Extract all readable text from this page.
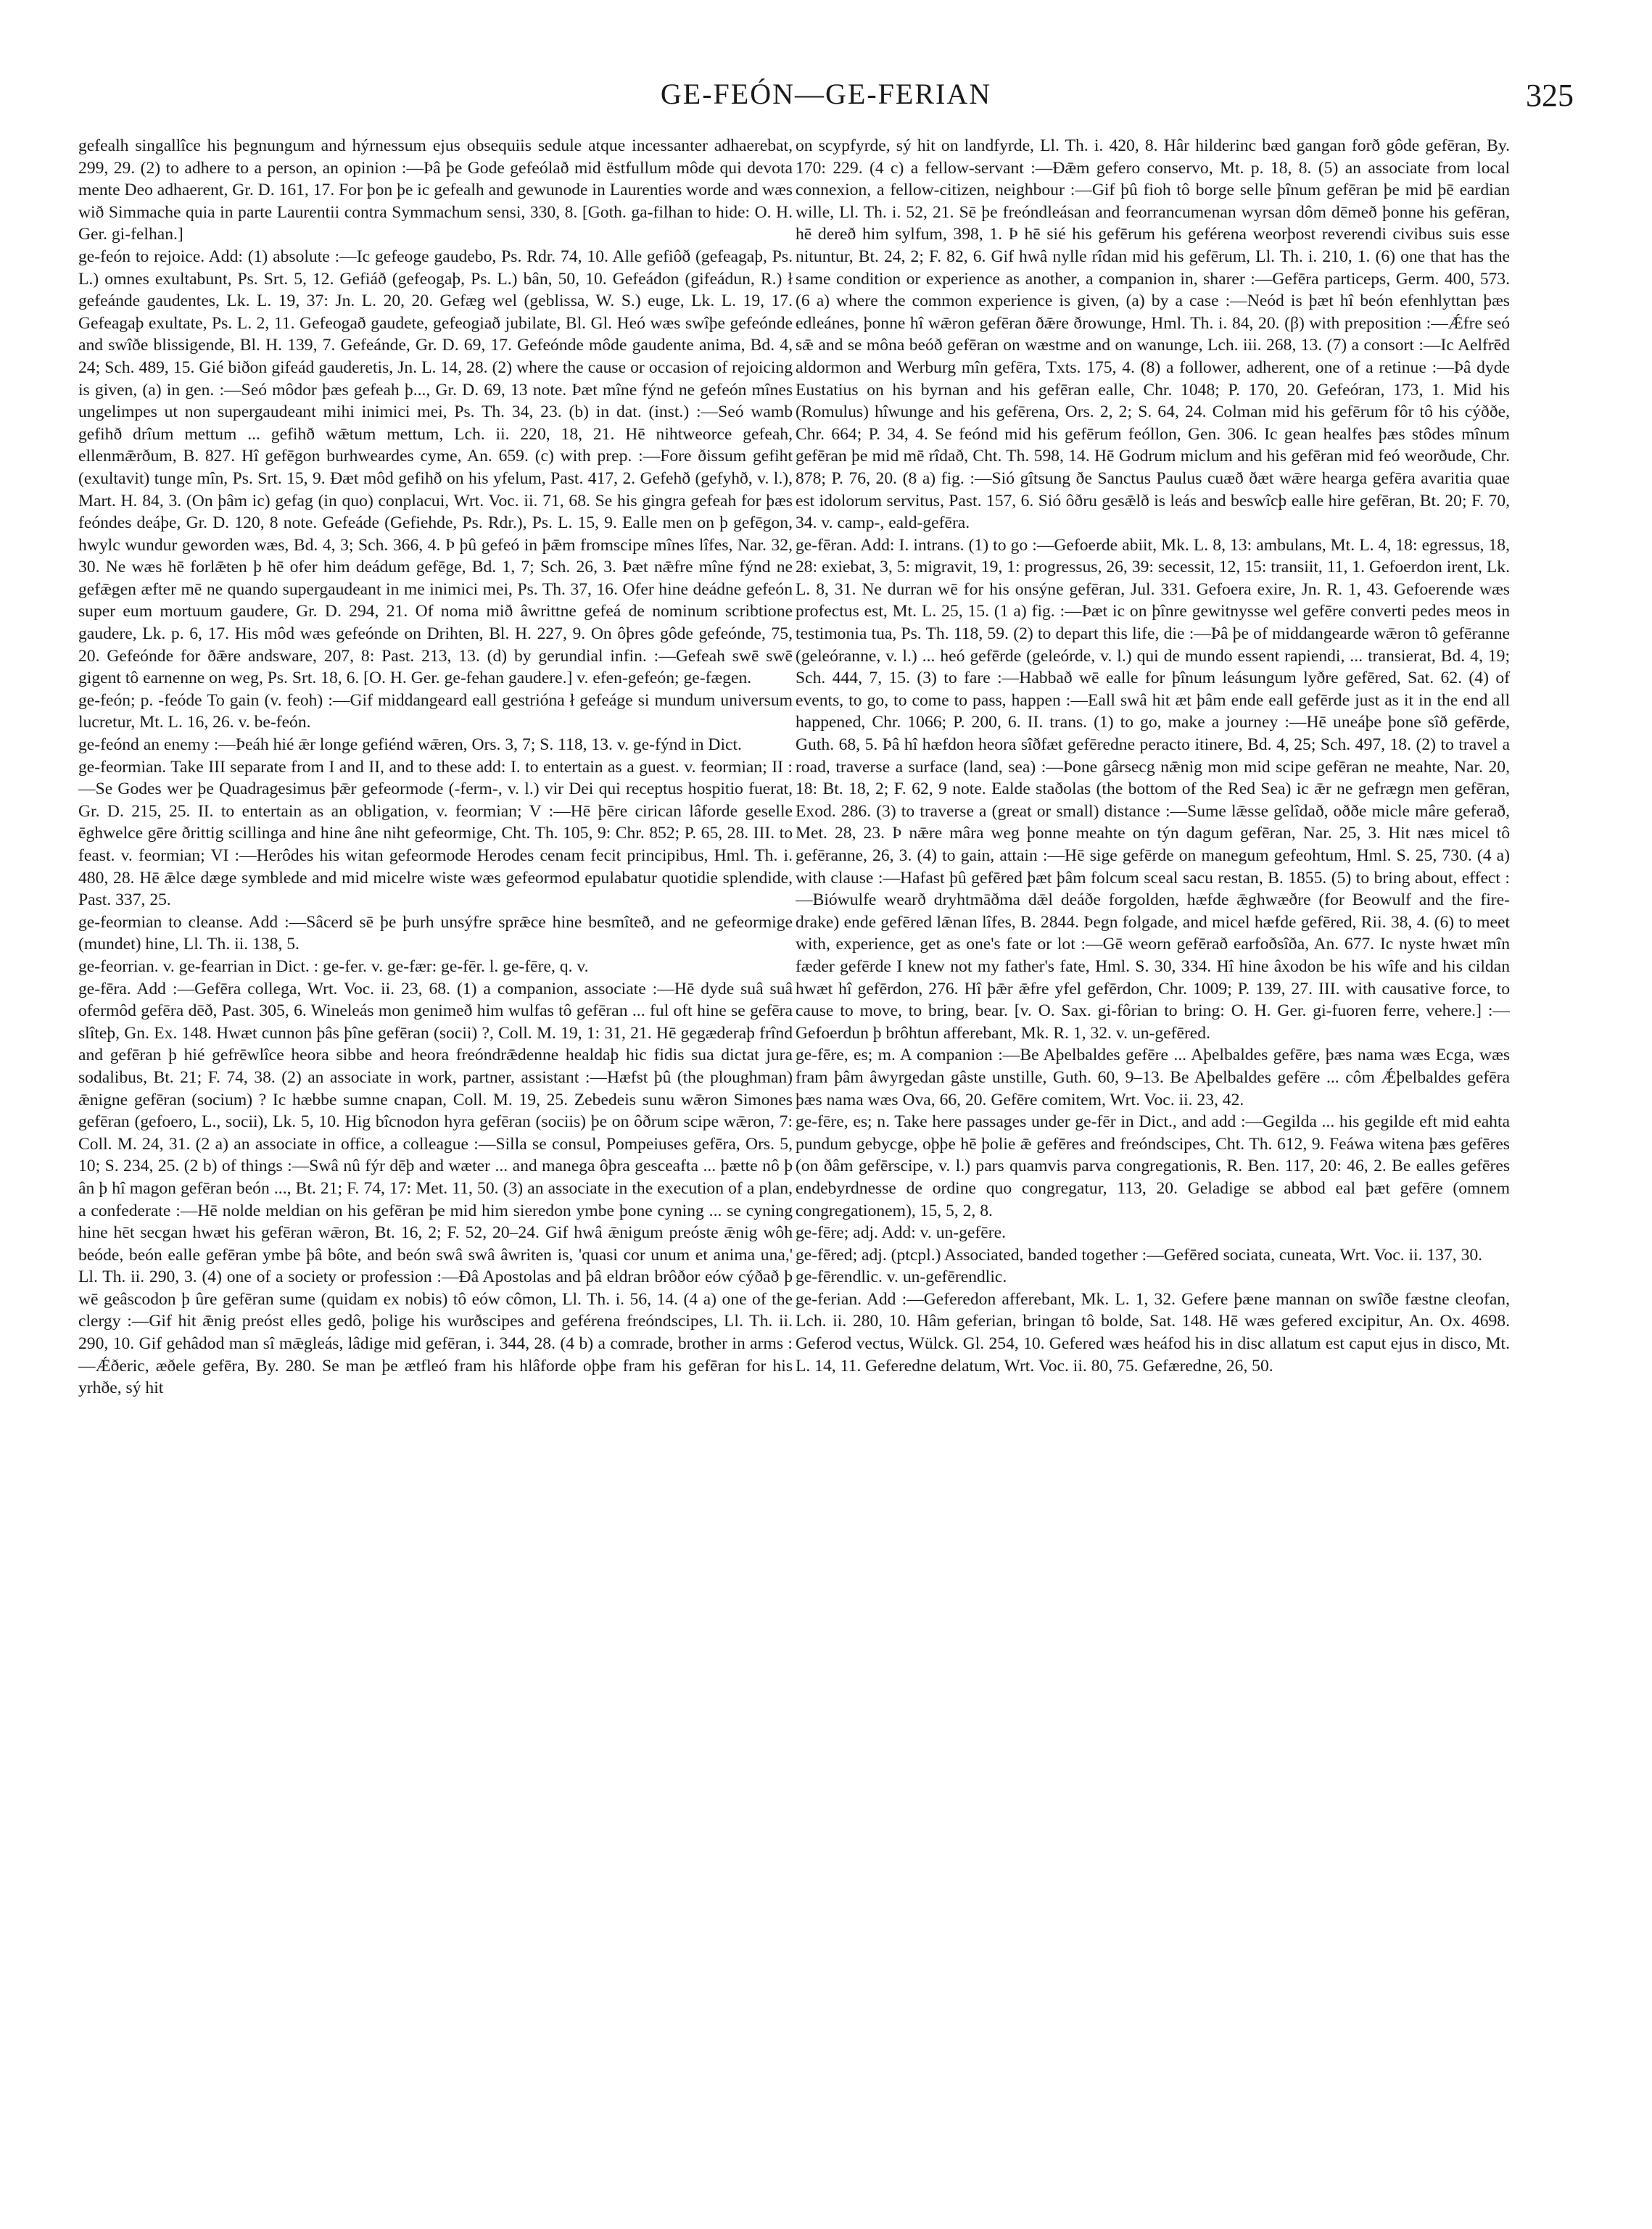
GE-FEÓN—GE-FERIAN	325

gefealh singallîce his þegnungum and hýrnessum ejus obsequiis sedule atque incessanter adhaerebat, 299, 29. (2) to adhere to a person, an opinion :—Þâ þe Gode gefeólað mid ëstfullum môde qui devota mente Deo adhaerent, Gr. D. 161, 17. For þon þe ic gefealh and gewunode in Laurenties worde and wæs wið Simmache quia in parte Laurentii contra Symmachum sensi, 330, 8. [Goth. ga-filhan to hide: O. H. Ger. gi-felhan.]

ge-feón to rejoice. Add: (1) absolute :—Ic gefeoge gaudebo, Ps. Rdr. 74, 10. Alle gefiôð (gefeagaþ, Ps. L.) omnes exultabunt, Ps. Srt. 5, 12. Gefiáð (gefeogaþ, Ps. L.) bân, 50, 10. Gefeádon (gifeádun, R.) ł gefeánde gaudentes, Lk. L. 19, 37: Jn. L. 20, 20. Gefæg wel (geblissa, W. S.) euge, Lk. L. 19, 17. Gefeagaþ exultate, Ps. L. 2, 11. Gefeogað gaudete, gefeogiað jubilate, Bl. Gl. Heó wæs swîþe gefeónde and swîðe blissigende, Bl. H. 139, 7. Gefeánde, Gr. D. 69, 17. Gefeónde môde gaudente anima, Bd. 4, 24; Sch. 489, 15. Gié biðon gifeád gauderetis, Jn. L. 14, 28. (2) where the cause or occasion of rejoicing is given, (a) in gen. :—Seó môdor þæs gefeah þ..., Gr. D. 69, 13 note. Þæt mîne fýnd ne gefeón mînes ungelimpes ut non supergaudeant mihi inimici mei, Ps. Th. 34, 23. (b) in dat. (inst.) :—Seó wamb gefihð drîum mettum ... gefihð wǣtum mettum, Lch. ii. 220, 18, 21. Hē nihtweorce gefeah, ellenmǣrðum, B. 827. Hî gefēgon burhweardes cyme, An. 659. (c) with prep. :—Fore ðissum gefiht (exultavit) tunge mîn, Ps. Srt. 15, 9. Ðæt môd gefihð on his yfelum, Past. 417, 2. Gefehð (gefyhð, v. l.), Mart. H. 84, 3. (On þâm ic) gefag (in quo) conplacui, Wrt. Voc. ii. 71, 68. Se his gingra gefeah for þæs feóndes deáþe, Gr. D. 120, 8 note. Gefeáde (Gefiehde, Ps. Rdr.), Ps. L. 15, 9. Ealle men on þ gefēgon, hwylc wundur geworden wæs, Bd. 4, 3; Sch. 366, 4. Þ þû gefeó in þǣm fromscipe mînes lîfes, Nar. 32, 30. Ne wæs hē forlǣten þ hē ofer him deádum gefēge, Bd. 1, 7; Sch. 26, 3. Þæt nǣfre mîne fýnd ne gefǣgen æfter mē ne quando supergaudeant in me inimici mei, Ps. Th. 37, 16. Ofer hine deádne gefeón super eum mortuum gaudere, Gr. D. 294, 21. Of noma mið âwrittne gefeá de nominum scribtione gaudere, Lk. p. 6, 17. His môd wæs gefeónde on Drihten, Bl. H. 227, 9. On ôþres gôde gefeónde, 75, 20. Gefeónde for ðǣre andsware, 207, 8: Past. 213, 13. (d) by gerundial infin. :—Gefeah swē swē gigent tô earnenne on weg, Ps. Srt. 18, 6. [O. H. Ger. ge-fehan gaudere.] v. efen-gefeón; ge-fægen.

ge-feón; p. -feóde To gain (v. feoh) :—Gif middangeard eall gestrióna ł gefeáge si mundum universum lucretur, Mt. L. 16, 26. v. be-feón.

ge-feónd an enemy :—Þeáh hié ǣr longe gefiénd wǣren, Ors. 3, 7; S. 118, 13. v. ge-fýnd in Dict.

ge-feormian. Take III separate from I and II, and to these add: I. to entertain as a guest. v. feormian; II :—Se Godes wer þe Quadragesimus þǣr gefeormode (-ferm-, v. l.) vir Dei qui receptus hospitio fuerat, Gr. D. 215, 25. II. to entertain as an obligation, v. feormian; V :—Hē þēre cirican lâforde geselle ēghwelce gēre ðrittig scillinga and hine âne niht gefeormige, Cht. Th. 105, 9: Chr. 852; P. 65, 28. III. to feast. v. feormian; VI :—Herôdes his witan gefeormode Herodes cenam fecit principibus, Hml. Th. i. 480, 28. Hē ǣlce dæge symblede and mid micelre wiste wæs gefeormod epulabatur quotidie splendide, Past. 337, 25.

ge-feormian to cleanse. Add :—Sâcerd sē þe þurh unsýfre sprǣce hine besmîteð, and ne gefeormige (mundet) hine, Ll. Th. ii. 138, 5.

ge-feorrian. v. ge-fearrian in Dict. : ge-fer. v. ge-fær: ge-fēr. l. ge-fēre, q. v.

ge-fēra. Add :—Gefēra collega, Wrt. Voc. ii. 23, 68. (1) a companion, associate :—Hē dyde suâ suâ ofermôd gefēra dēð, Past. 305, 6. Wineleás mon genimeð him wulfas tô gefēran ... ful oft hine se gefēra slîteþ, Gn. Ex. 148. Hwæt cunnon þâs þîne gefēran (socii) ?, Coll. M. 19, 1: 31, 21. Hē gegæderaþ frînd and gefēran þ hié gefrēwlîce heora sibbe and heora freóndrǣdenne healdaþ hic fidis sua dictat jura sodalibus, Bt. 21; F. 74, 38. (2) an associate in work, partner, assistant :—Hæfst þû (the ploughman) ǣnigne gefēran (socium) ? Ic hæbbe sumne cnapan, Coll. M. 19, 25. Zebedeis sunu wǣron Simones gefēran (gefoero, L., socii), Lk. 5, 10. Hig bîcnodon hyra gefēran (sociis) þe on ôðrum scipe wǣron, 7: Coll. M. 24, 31. (2 a) an associate in office, a colleague :—Silla se consul, Pompeiuses gefēra, Ors. 5, 10; S. 234, 25. (2 b) of things :—Swâ nû fýr dēþ and wæter ... and manega ôþra gesceafta ... þætte nô þ ân þ hî magon gefēran beón ..., Bt. 21; F. 74, 17: Met. 11, 50. (3) an associate in the execution of a plan, a confederate :—Hē nolde meldian on his gefēran þe mid him sieredon ymbe þone cyning ... se cyning hine hēt secgan hwæt his gefēran wǣron, Bt. 16, 2; F. 52, 20–24. Gif hwâ ǣnigum preóste ǣnig wôh beóde, beón ealle gefēran ymbe þâ bôte, and beón swâ swâ âwriten is, 'quasi cor unum et anima una,' Ll. Th. ii. 290, 3. (4) one of a society or profession :—Ðâ Apostolas and þâ eldran brôðor eów cýðað þ wē geâscodon þ ûre gefēran sume (quidam ex nobis) tô eów cômon, Ll. Th. i. 56, 14. (4 a) one of the clergy :—Gif hit ǣnig preóst elles gedô, þolige his wurðscipes and geférena freóndscipes, Ll. Th. ii. 290, 10. Gif gehâdod man sî mǣgleás, lâdige mid gefēran, i. 344, 28. (4 b) a comrade, brother in arms :—Ǽðeric, æðele gefēra, By. 280. Se man þe ætfleó fram his hlâforde oþþe fram his gefēran for his yrhðe, sý hit

on scypfyrde, sý hit on landfyrde, Ll. Th. i. 420, 8. Hâr hilderinc bæd gangan forð gôde gefēran, By. 170: 229. (4 c) a fellow-servant :—Ðǣm gefero conservo, Mt. p. 18, 8. (5) an associate from local connexion, a fellow-citizen, neighbour :—Gif þû fioh tô borge selle þînum gefēran þe mid þē eardian wille, Ll. Th. i. 52, 21. Sē þe freóndleásan and feorrancumenan wyrsan dôm dēmeð þonne his gefēran, hē dereð him sylfum, 398, 1. Þ hē sié his gefērum his geférena weorþost reverendi civibus suis esse nituntur, Bt. 24, 2; F. 82, 6. Gif hwâ nylle rîdan mid his gefērum, Ll. Th. i. 210, 1. (6) one that has the same condition or experience as another, a companion in, sharer :—Gefēra particeps, Germ. 400, 573. (6 a) where the common experience is given, (a) by a case :—Neód is þæt hî beón efenhlyttan þæs edleánes, þonne hî wǣron gefēran ðǣre ðrowunge, Hml. Th. i. 84, 20. (β) with preposition :—Ǽfre seó sǣ and se môna beóð gefēran on wæstme and on wanunge, Lch. iii. 268, 13. (7) a consort :—Ic Aelfrēd aldormon and Werburg mîn gefēra, Txts. 175, 4. (8) a follower, adherent, one of a retinue :—Þâ dyde Eustatius on his byrnan and his gefēran ealle, Chr. 1048; P. 170, 20. Gefeóran, 173, 1. Mid his (Romulus) hîwunge and his gefērena, Ors. 2, 2; S. 64, 24. Colman mid his gefērum fôr tô his cýððe, Chr. 664; P. 34, 4. Se feónd mid his gefērum feóllon, Gen. 306. Ic gean healfes þæs stôdes mînum gefēran þe mid mē rîdað, Cht. Th. 598, 14. Hē Godrum miclum and his gefēran mid feó weorðude, Chr. 878; P. 76, 20. (8 a) fig. :—Sió gîtsung ðe Sanctus Paulus cuæð ðæt wǣre hearga gefēra avaritia quae est idolorum servitus, Past. 157, 6. Sió ôðru gesǣlð is leás and beswîcþ ealle hire gefēran, Bt. 20; F. 70, 34. v. camp-, eald-gefēra.

ge-fēran. Add: I. intrans. (1) to go :—Gefoerde abiit, Mk. L. 8, 13: ambulans, Mt. L. 4, 18: egressus, 18, 28: exiebat, 3, 5: migravit, 19, 1: progressus, 26, 39: secessit, 12, 15: transiit, 11, 1. Gefoerdon irent, Lk. L. 8, 31. Ne durran wē for his onsýne gefēran, Jul. 331. Gefoera exire, Jn. R. 1, 43. Gefoerende wæs profectus est, Mt. L. 25, 15. (1 a) fig. :—Þæt ic on þînre gewitnysse wel gefēre converti pedes meos in testimonia tua, Ps. Th. 118, 59. (2) to depart this life, die :—Þâ þe of middangearde wǣron tô gefēranne (geleóranne, v. l.) ... heó gefērde (geleórde, v. l.) qui de mundo essent rapiendi, ... transierat, Bd. 4, 19; Sch. 444, 7, 15. (3) to fare :—Habbað wē ealle for þînum leásungum lyðre gefēred, Sat. 62. (4) of events, to go, to come to pass, happen :—Eall swâ hit æt þâm ende eall gefērde just as it in the end all happened, Chr. 1066; P. 200, 6. II. trans. (1) to go, make a journey :—Hē uneáþe þone sîð gefērde, Guth. 68, 5. Þâ hî hæfdon heora sîðfæt gefēredne peracto itinere, Bd. 4, 25; Sch. 497, 18. (2) to travel a road, traverse a surface (land, sea) :—Þone gârsecg nǣnig mon mid scipe gefēran ne meahte, Nar. 20, 18: Bt. 18, 2; F. 62, 9 note. Ealde staðolas (the bottom of the Red Sea) ic ǣr ne gefrægn men gefēran, Exod. 286. (3) to traverse a (great or small) distance :—Sume lǣsse gelîdað, oððe micle mâre geferað, Met. 28, 23. Þ nǣre mâra weg þonne meahte on týn dagum gefēran, Nar. 25, 3. Hit næs micel tô gefēranne, 26, 3. (4) to gain, attain :—Hē sige gefērde on manegum gefeohtum, Hml. S. 25, 730. (4 a) with clause :—Hafast þû gefēred þæt þâm folcum sceal sacu restan, B. 1855. (5) to bring about, effect :—Biówulfe wearð dryhtmāðma dǣl deáðe forgolden, hæfde ǣghwæðre (for Beowulf and the fire-drake) ende gefēred lǣnan lîfes, B. 2844. Þegn folgade, and micel hæfde gefēred, Rii. 38, 4. (6) to meet with, experience, get as one's fate or lot :—Gē weorn gefērað earfoðsîða, An. 677. Ic nyste hwæt mîn fæder gefērde I knew not my father's fate, Hml. S. 30, 334. Hî hine âxodon be his wîfe and his cildan hwæt hî gefērdon, 276. Hî þǣr ǣfre yfel gefērdon, Chr. 1009; P. 139, 27. III. with causative force, to cause to move, to bring, bear. [v. O. Sax. gi-fôrian to bring: O. H. Ger. gi-fuoren ferre, vehere.] :—Gefoerdun þ brôhtun afferebant, Mk. R. 1, 32. v. un-gefēred.

ge-fēre, es; m. A companion :—Be Aþelbaldes gefēre ... Aþelbaldes gefēre, þæs nama wæs Ecga, wæs fram þâm âwyrgedan gâste unstille, Guth. 60, 9–13. Be Aþelbaldes gefēre ... côm Ǽþelbaldes gefēra þæs nama wæs Ova, 66, 20. Gefēre comitem, Wrt. Voc. ii. 23, 42.

ge-fēre, es; n. Take here passages under ge-fēr in Dict., and add :—Gegilda ... his gegilde eft mid eahta pundum gebycge, oþþe hē þolie ǣ gefēres and freóndscipes, Cht. Th. 612, 9. Feáwa witena þæs gefēres (on ðâm gefērscipe, v. l.) pars quamvis parva congregationis, R. Ben. 117, 20: 46, 2. Be ealles gefēres endebyrdnesse de ordine quo congregatur, 113, 20. Geladige se abbod eal þæt gefēre (omnem congregationem), 15, 5, 2, 8.

ge-fēre; adj. Add: v. un-gefēre.

ge-fēred; adj. (ptcpl.) Associated, banded together :—Gefēred sociata, cuneata, Wrt. Voc. ii. 137, 30.

ge-fērendlic. v. un-gefērendlic.

ge-ferian. Add :—Geferedon afferebant, Mk. L. 1, 32. Gefere þæne mannan on swîðe fæstne cleofan, Lch. ii. 280, 10. Hâm geferian, bringan tô bolde, Sat. 148. Hē wæs gefered excipitur, An. Ox. 4698. Geferod vectus, Wülck. Gl. 254, 10. Gefered wæs heáfod his in disc allatum est caput ejus in disco, Mt. L. 14, 11. Geferedne delatum, Wrt. Voc. ii. 80, 75. Gefæredne, 26, 50.
